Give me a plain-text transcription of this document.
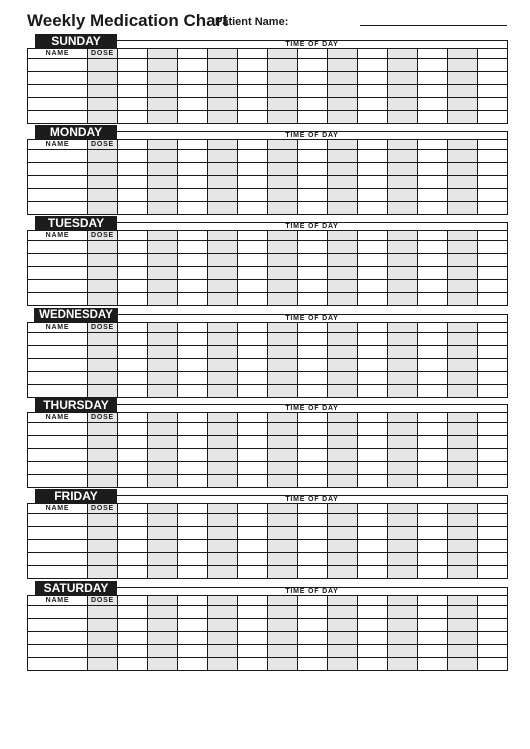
Weekly Medication Chart
Patient Name:
SUNDAY	TIME OF DAY
NAME	DOSE													

MONDAY	TIME OF DAY
NAME	DOSE													

TUESDAY	TIME OF DAY
NAME	DOSE													

WEDNESDAY	TIME OF DAY
NAME	DOSE													

THURSDAY	TIME OF DAY
NAME	DOSE													

FRIDAY	TIME OF DAY
NAME	DOSE													

SATURDAY	TIME OF DAY
NAME	DOSE													
